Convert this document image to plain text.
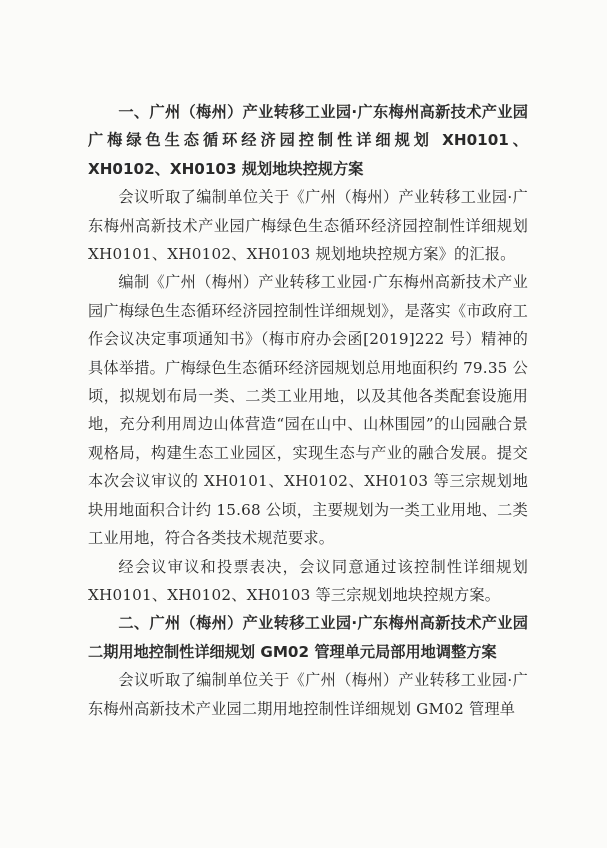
一、广州（梅州）产业转移工业园·广东梅州高新技术产业园广梅绿色生态循环经济园控制性详细规划 XH0101、XH0102、XH0103 规划地块控规方案

会议听取了编制单位关于《广州（梅州）产业转移工业园·广东梅州高新技术产业园广梅绿色生态循环经济园控制性详细规划 XH0101、XH0102、XH0103 规划地块控规方案》的汇报。

编制《广州（梅州）产业转移工业园·广东梅州高新技术产业园广梅绿色生态循环经济园控制性详细规划》，是落实《市政府工作会议决定事项通知书》（梅市府办会函[2019]222 号）精神的具体举措。广梅绿色生态循环经济园规划总用地面积约 79.35 公顷，拟规划布局一类、二类工业用地，以及其他各类配套设施用地，充分利用周边山体营造“园在山中、山林围园”的山园融合景观格局，构建生态工业园区，实现生态与产业的融合发展。提交本次会议审议的 XH0101、XH0102、XH0103 等三宗规划地块用地面积合计约 15.68 公顷，主要规划为一类工业用地、二类工业用地，符合各类技术规范要求。

经会议审议和投票表决，会议同意通过该控制性详细规划 XH0101、XH0102、XH0103 等三宗规划地块控规方案。

二、广州（梅州）产业转移工业园·广东梅州高新技术产业园二期用地控制性详细规划 GM02 管理单元局部用地调整方案

会议听取了编制单位关于《广州（梅州）产业转移工业园·广东梅州高新技术产业园二期用地控制性详细规划 GM02 管理单
